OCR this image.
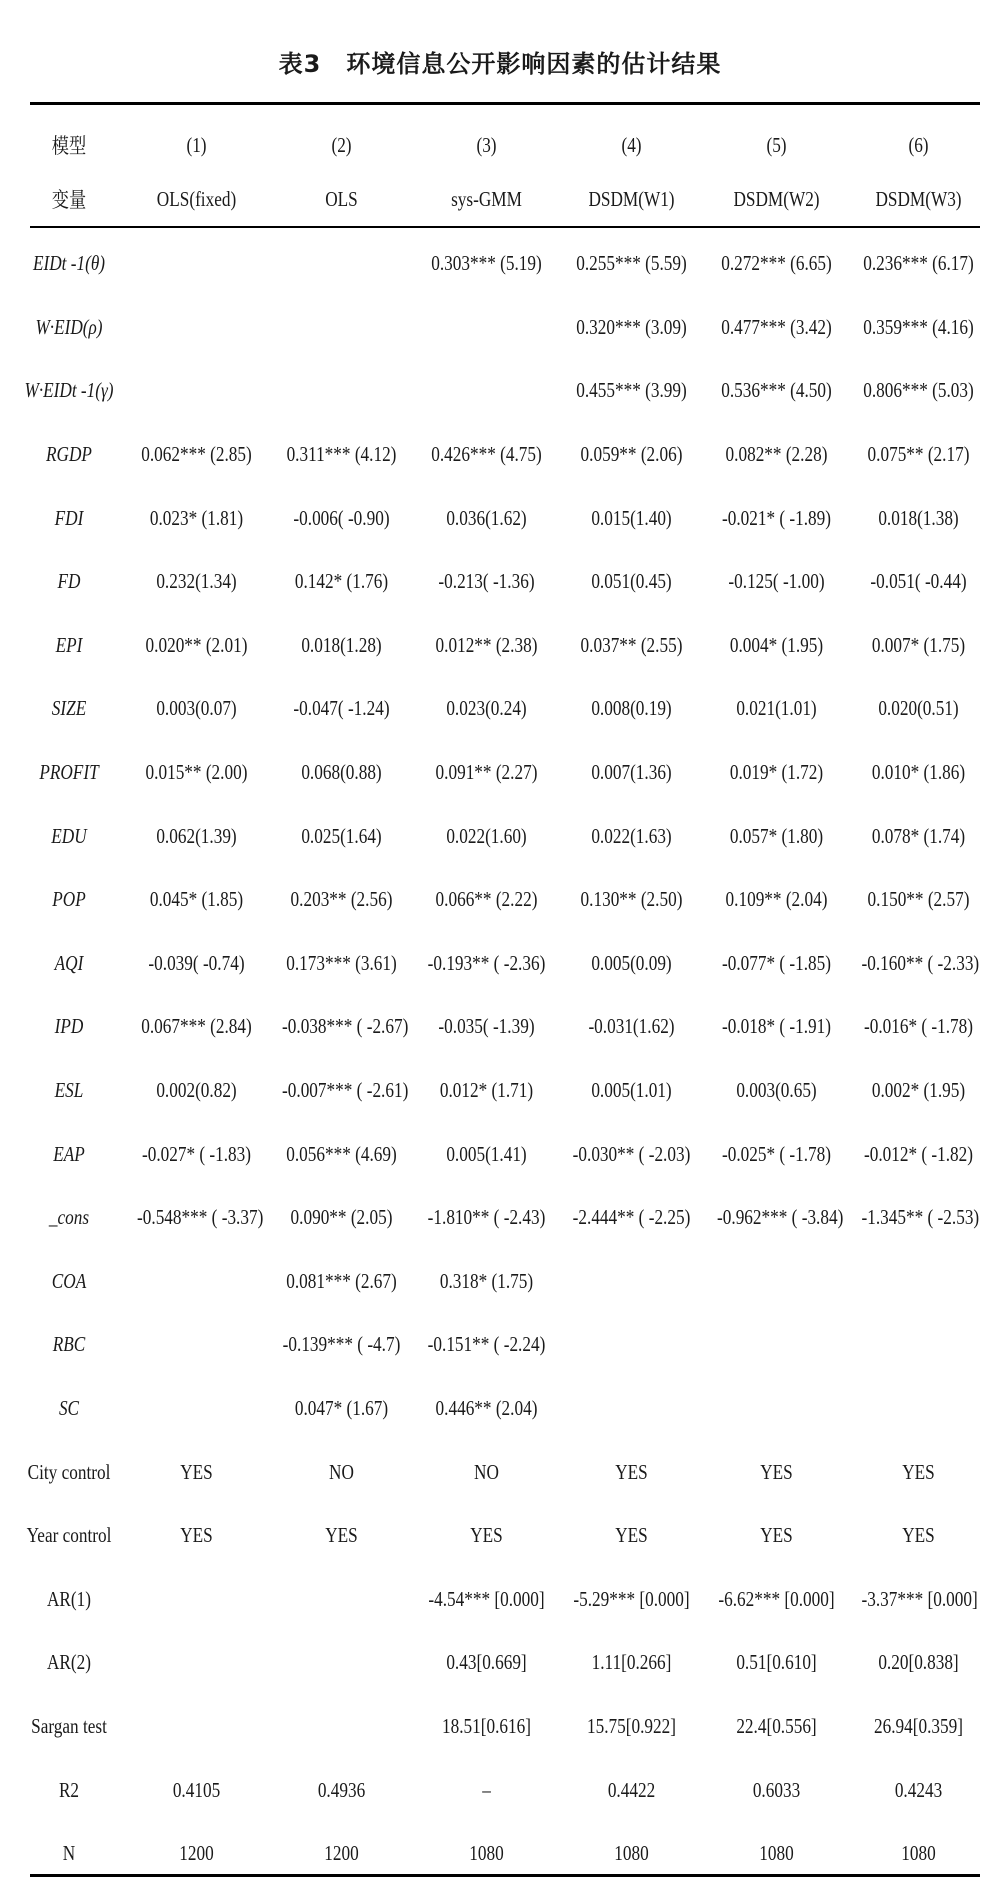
表3　环境信息公开影响因素的估计结果
模型	(1)	(2)	(3)	(4)	(5)	(6)
变量	OLS(fixed)	OLS	sys-GMM	DSDM(W1)	DSDM(W2)	DSDM(W3)
EIDt -1(θ)			0.303*** (5.19)	0.255*** (5.59)	0.272*** (6.65)	0.236*** (6.17)
W·EID(ρ)				0.320*** (3.09)	0.477*** (3.42)	0.359*** (4.16)
W·EIDt -1(γ)				0.455*** (3.99)	0.536*** (4.50)	0.806*** (5.03)
RGDP	0.062*** (2.85)	0.311*** (4.12)	0.426*** (4.75)	0.059** (2.06)	0.082** (2.28)	0.075** (2.17)
FDI	0.023* (1.81)	-0.006( -0.90)	0.036(1.62)	0.015(1.40)	-0.021* ( -1.89)	0.018(1.38)
FD	0.232(1.34)	0.142* (1.76)	-0.213( -1.36)	0.051(0.45)	-0.125( -1.00)	-0.051( -0.44)
EPI	0.020** (2.01)	0.018(1.28)	0.012** (2.38)	0.037** (2.55)	0.004* (1.95)	0.007* (1.75)
SIZE	0.003(0.07)	-0.047( -1.24)	0.023(0.24)	0.008(0.19)	0.021(1.01)	0.020(0.51)
PROFIT	0.015** (2.00)	0.068(0.88)	0.091** (2.27)	0.007(1.36)	0.019* (1.72)	0.010* (1.86)
EDU	0.062(1.39)	0.025(1.64)	0.022(1.60)	0.022(1.63)	0.057* (1.80)	0.078* (1.74)
POP	0.045* (1.85)	0.203** (2.56)	0.066** (2.22)	0.130** (2.50)	0.109** (2.04)	0.150** (2.57)
AQI	-0.039( -0.74)	0.173*** (3.61)	-0.193** ( -2.36)	0.005(0.09)	-0.077* ( -1.85)	-0.160** ( -2.33)
IPD	0.067*** (2.84)	-0.038*** ( -2.67)	-0.035( -1.39)	-0.031(1.62)	-0.018* ( -1.91)	-0.016* ( -1.78)
ESL	0.002(0.82)	-0.007*** ( -2.61)	0.012* (1.71)	0.005(1.01)	0.003(0.65)	0.002* (1.95)
EAP	-0.027* ( -1.83)	0.056*** (4.69)	0.005(1.41)	-0.030** ( -2.03)	-0.025* ( -1.78)	-0.012* ( -1.82)
_cons	-0.548*** ( -3.37)	0.090** (2.05)	-1.810** ( -2.43)	-2.444** ( -2.25)	-0.962*** ( -3.84)	-1.345** ( -2.53)
COA		0.081*** (2.67)	0.318* (1.75)			
RBC		-0.139*** ( -4.7)	-0.151** ( -2.24)			
SC		0.047* (1.67)	0.446** (2.04)			
City control	YES	NO	NO	YES	YES	YES
Year control	YES	YES	YES	YES	YES	YES
AR(1)			-4.54*** [0.000]	-5.29*** [0.000]	-6.62*** [0.000]	-3.37*** [0.000]
AR(2)			0.43[0.669]	1.11[0.266]	0.51[0.610]	0.20[0.838]
Sargan test			18.51[0.616]	15.75[0.922]	22.4[0.556]	26.94[0.359]
R2	0.4105	0.4936	–	0.4422	0.6033	0.4243
N	1200	1200	1080	1080	1080	1080
